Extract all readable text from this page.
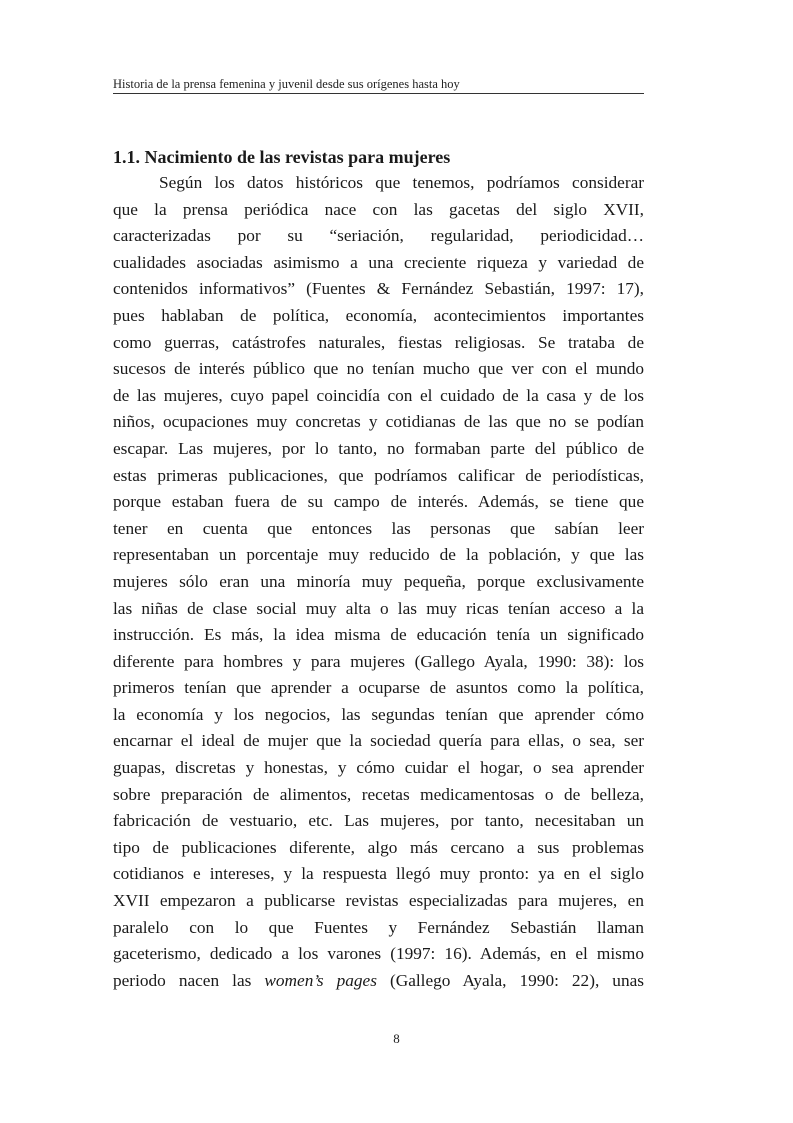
Historia de la prensa femenina y juvenil desde sus orígenes hasta hoy
1.1. Nacimiento de las revistas para mujeres
Según los datos históricos que tenemos, podríamos considerar
que la prensa periódica nace con las gacetas del siglo XVII,
caracterizadas por su “seriación, regularidad, periodicidad…
cualidades asociadas asimismo a una creciente riqueza y variedad de
contenidos informativos” (Fuentes & Fernández Sebastián, 1997: 17),
pues hablaban de política, economía, acontecimientos importantes
como guerras, catástrofes naturales, fiestas religiosas. Se trataba de
sucesos de interés público que no tenían mucho que ver con el mundo
de las mujeres, cuyo papel coincidía con el cuidado de la casa y de los
niños, ocupaciones muy concretas y cotidianas de las que no se podían
escapar. Las mujeres, por lo tanto, no formaban parte del público de
estas primeras publicaciones, que podríamos calificar de periodísticas,
porque estaban fuera de su campo de interés. Además, se tiene que
tener en cuenta que entonces las personas que sabían leer
representaban un porcentaje muy reducido de la población, y que las
mujeres sólo eran una minoría muy pequeña, porque exclusivamente
las niñas de clase social muy alta o las muy ricas tenían acceso a la
instrucción. Es más, la idea misma de educación tenía un significado
diferente para hombres y para mujeres (Gallego Ayala, 1990: 38): los
primeros tenían que aprender a ocuparse de asuntos como la política,
la economía y los negocios, las segundas tenían que aprender cómo
encarnar el ideal de mujer que la sociedad quería para ellas, o sea, ser
guapas, discretas y honestas, y cómo cuidar el hogar, o sea aprender
sobre preparación de alimentos, recetas medicamentosas o de belleza,
fabricación de vestuario, etc. Las mujeres, por tanto, necesitaban un
tipo de publicaciones diferente, algo más cercano a sus problemas
cotidianos e intereses, y la respuesta llegó muy pronto: ya en el siglo
XVII empezaron a publicarse revistas especializadas para mujeres, en
paralelo con lo que Fuentes y Fernández Sebastián llaman
gaceterismo, dedicado a los varones (1997: 16). Además, en el mismo
periodo nacen las women’s pages (Gallego Ayala, 1990: 22), unas
8
